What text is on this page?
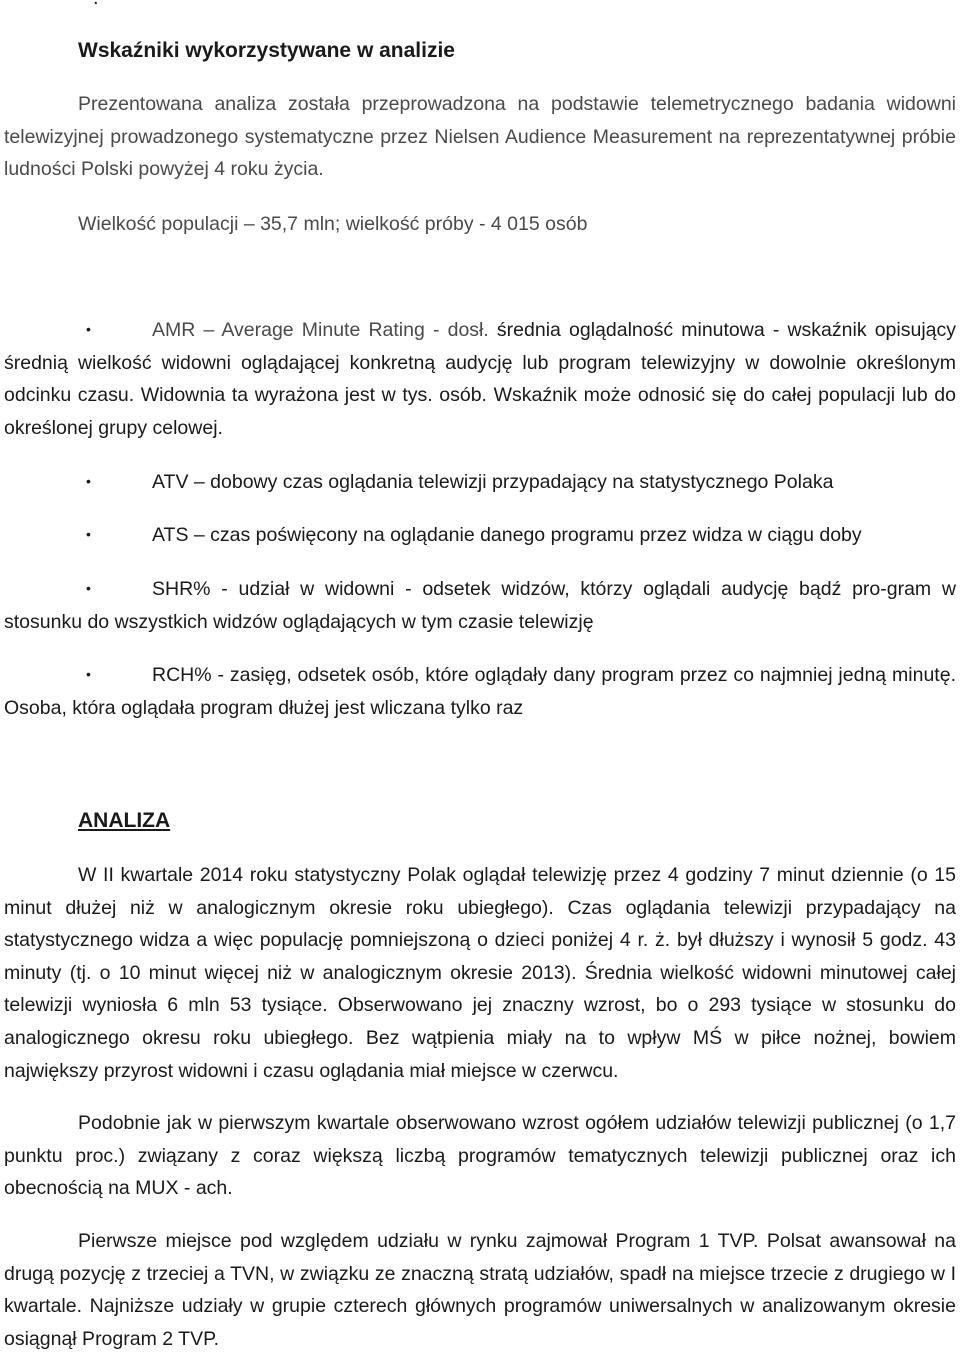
Wskaźniki wykorzystywane w analizie
Prezentowana analiza została przeprowadzona na podstawie telemetrycznego badania widowni telewizyjnej prowadzonego systematyczne przez Nielsen Audience Measurement na reprezentatywnej próbie ludności Polski powyżej 4 roku życia.
Wielkość populacji – 35,7 mln; wielkość próby - 4 015 osób
•	AMR – Average Minute Rating - dosł. średnia oglądalność minutowa - wskaźnik opisujący średnią wielkość widowni oglądającej konkretną audycję lub program telewizyjny w dowolnie określonym odcinku czasu. Widownia ta wyrażona jest w tys. osób. Wskaźnik może odnosić się do całej populacji lub do określonej grupy celowej.
•	ATV – dobowy czas oglądania telewizji przypadający na statystycznego Polaka
•	ATS – czas poświęcony na oglądanie danego programu przez widza w ciągu doby
•	SHR% - udział w widowni - odsetek widzów, którzy oglądali audycję bądź pro-gram w stosunku do wszystkich widzów oglądających w tym czasie telewizję
•	RCH% - zasięg, odsetek osób, które oglądały dany program przez co najmniej jedną minutę. Osoba, która oglądała program dłużej jest wliczana tylko raz
ANALIZA
W II kwartale 2014 roku statystyczny Polak oglądał telewizję przez 4 godziny 7 minut dziennie (o 15 minut dłużej niż w analogicznym okresie roku ubiegłego). Czas oglądania telewizji przypadający na statystycznego widza a więc populację pomniejszoną o dzieci poniżej 4 r. ż. był dłuższy i wynosił 5 godz. 43 minuty (tj. o 10 minut więcej niż w analogicznym okresie 2013). Średnia wielkość widowni minutowej całej telewizji wyniosła 6 mln 53 tysiące. Obserwowano jej znaczny wzrost, bo o 293 tysiące w stosunku do analogicznego okresu roku ubiegłego. Bez wątpienia miały na to wpływ MŚ w piłce nożnej, bowiem największy przyrost widowni i czasu oglądania miał miejsce w czerwcu.
Podobnie jak w pierwszym kwartale obserwowano wzrost ogółem udziałów telewizji publicznej (o 1,7 punktu proc.) związany z coraz większą liczbą programów tematycznych telewizji publicznej oraz ich obecnością na MUX - ach.
Pierwsze miejsce pod względem udziału w rynku zajmował Program 1 TVP. Polsat awansował na drugą pozycję z trzeciej a TVN, w związku ze znaczną stratą udziałów, spadł na miejsce trzecie z drugiego w I kwartale. Najniższe udziały w grupie czterech głównych programów uniwersalnych w analizowanym okresie osiągnął Program 2 TVP.
